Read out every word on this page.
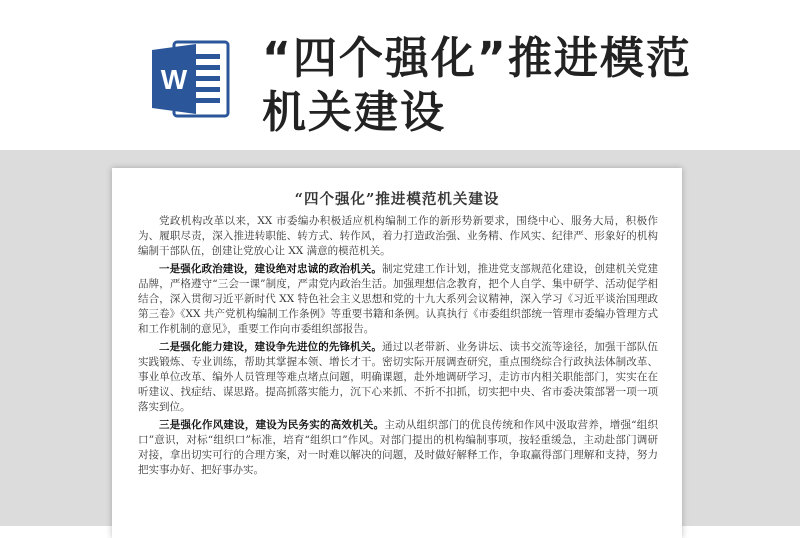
W “四个强化”推进模范机关建设
“四个强化”推进模范机关建设

党政机构改革以来，XX 市委编办积极适应机构编制工作的新形势新要求，围绕中心、服务大局，积极作为、履职尽责，深入推进转职能、转方式、转作风，着力打造政治强、业务精、作风实、纪律严、形象好的机构编制干部队伍，创建让党放心让 XX 满意的模范机关。

一是强化政治建设，建设绝对忠诚的政治机关。制定党建工作计划，推进党支部规范化建设，创建机关党建品牌，严格遵守“三会一课”制度，严肃党内政治生活。加强理想信念教育，把个人自学、集中研学、活动促学相结合，深入贯彻习近平新时代 XX 特色社会主义思想和党的十九大系列会议精神，深入学习《习近平谈治国理政第三卷》《XX 共产党机构编制工作条例》等重要书籍和条例。认真执行《市委组织部统一管理市委编办管理方式和工作机制的意见》，重要工作向市委组织部报告。

二是强化能力建设，建设争先进位的先锋机关。通过以老带新、业务讲坛、读书交流等途径，加强干部队伍实践锻炼、专业训练，帮助其掌握本领、增长才干。密切实际开展调查研究，重点围绕综合行政执法体制改革、事业单位改革、编外人员管理等难点堵点问题，明确课题，赴外地调研学习，走访市内相关职能部门，实实在在听建议、找症结、谋思路。提高抓落实能力，沉下心来抓、不折不扣抓，切实把中央、省市委决策部署一项一项落实到位。

三是强化作风建设，建设为民务实的高效机关。主动从组织部门的优良传统和作风中汲取营养，增强“组织口”意识，对标“组织口”标准，培育“组织口”作风。对部门提出的机构编制事项，按轻重缓急，主动赴部门调研对接，拿出切实可行的合理方案，对一时难以解决的问题，及时做好解释工作，争取赢得部门理解和支持，努力把实事办好、把好事办实。
